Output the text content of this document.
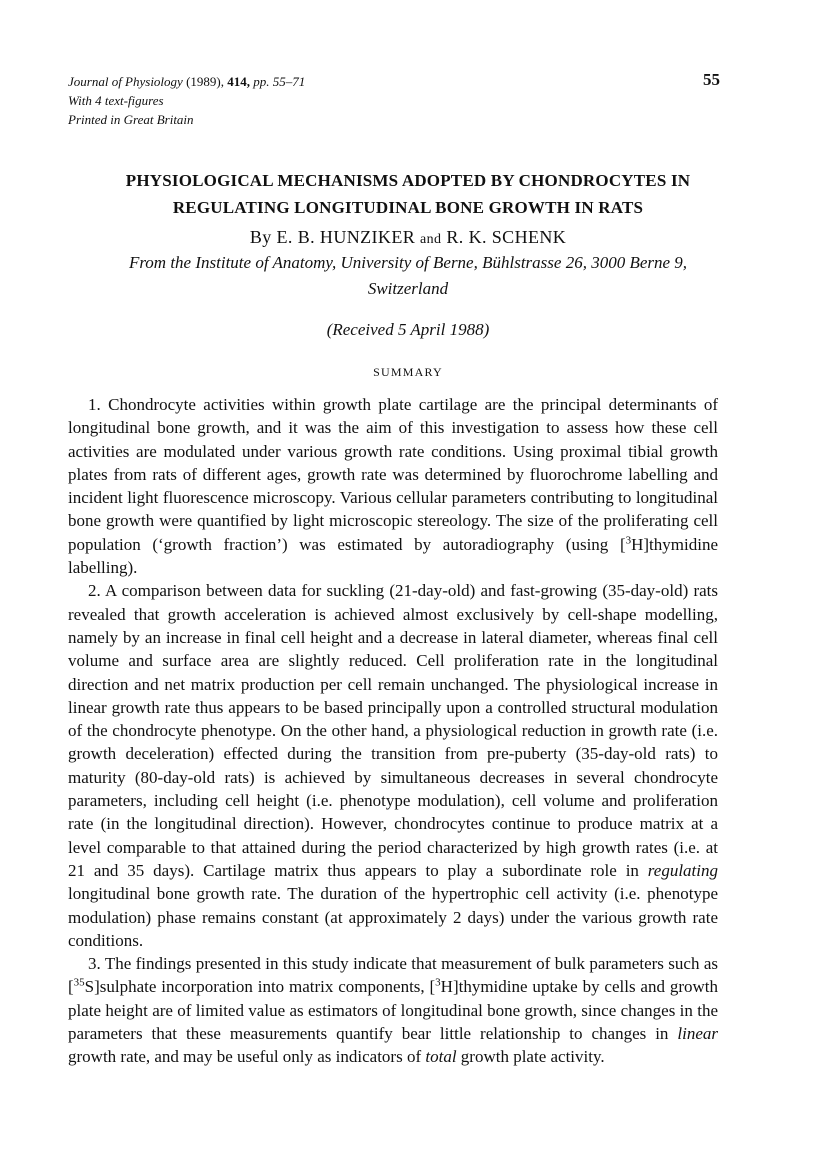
Journal of Physiology (1989), 414, pp. 55–71
With 4 text-figures
Printed in Great Britain
55
PHYSIOLOGICAL MECHANISMS ADOPTED BY CHONDROCYTES IN
REGULATING LONGITUDINAL BONE GROWTH IN RATS
By E. B. HUNZIKER and R. K. SCHENK
From the Institute of Anatomy, University of Berne, Bühlstrasse 26, 3000 Berne 9,
Switzerland
(Received 5 April 1988)
SUMMARY

1. Chondrocyte activities within growth plate cartilage are the principal determinants of longitudinal bone growth, and it was the aim of this investigation to assess how these cell activities are modulated under various growth rate conditions. Using proximal tibial growth plates from rats of different ages, growth rate was determined by fluorochrome labelling and incident light fluorescence microscopy. Various cellular parameters contributing to longitudinal bone growth were quantified by light microscopic stereology. The size of the proliferating cell population (‘growth fraction’) was estimated by autoradiography (using [$^3$H]thymidine labelling).

2. A comparison between data for suckling (21-day-old) and fast-growing (35-day-old) rats revealed that growth acceleration is achieved almost exclusively by cell-shape modelling, namely by an increase in final cell height and a decrease in lateral diameter, whereas final cell volume and surface area are slightly reduced. Cell proliferation rate in the longitudinal direction and net matrix production per cell remain unchanged. The physiological increase in linear growth rate thus appears to be based principally upon a controlled structural modulation of the chondrocyte phenotype. On the other hand, a physiological reduction in growth rate (i.e. growth deceleration) effected during the transition from pre-puberty (35-day-old rats) to maturity (80-day-old rats) is achieved by simultaneous decreases in several chondrocyte parameters, including cell height (i.e. phenotype modulation), cell volume and proliferation rate (in the longitudinal direction). However, chondrocytes continue to produce matrix at a level comparable to that attained during the period characterized by high growth rates (i.e. at 21 and 35 days). Cartilage matrix thus appears to play a subordinate role in regulating longitudinal bone growth rate. The duration of the hypertrophic cell activity (i.e. phenotype modulation) phase remains constant (at approximately 2 days) under the various growth rate conditions.

3. The findings presented in this study indicate that measurement of bulk parameters such as [$^{35}$S]sulphate incorporation into matrix components, [$^3$H]thymidine uptake by cells and growth plate height are of limited value as estimators of longitudinal bone growth, since changes in the parameters that these measurements quantify bear little relationship to changes in linear growth rate, and may be useful only as indicators of total growth plate activity.
